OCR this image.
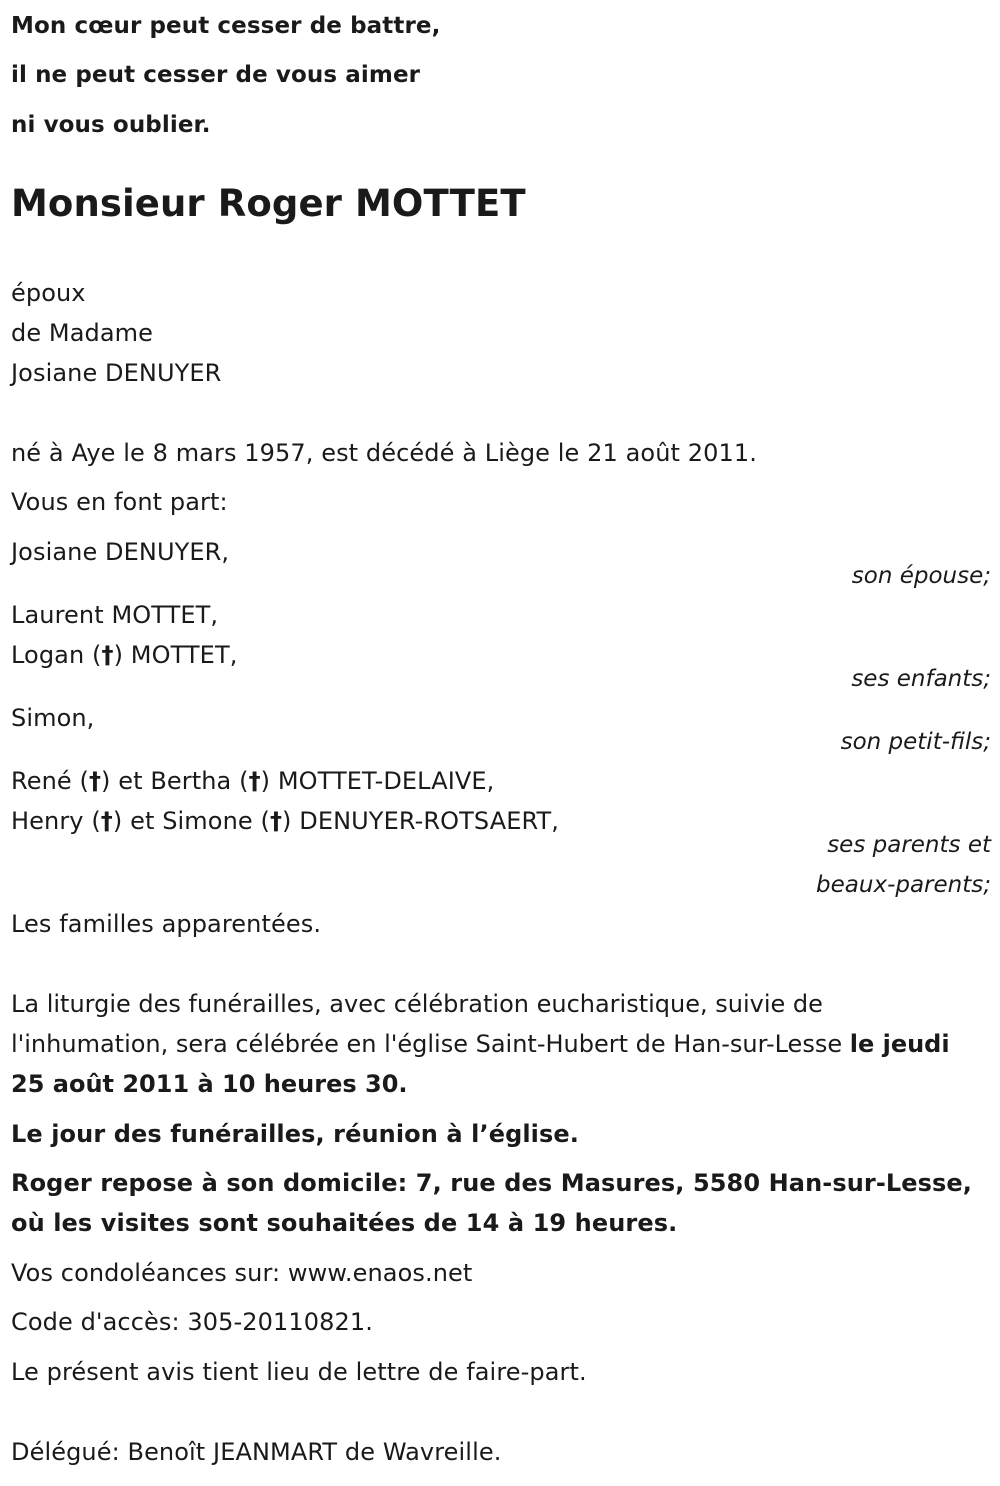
Mon cœur peut cesser de battre,
il ne peut cesser de vous aimer
ni vous oublier.
Monsieur Roger MOTTET
époux
de Madame
Josiane DENUYER
né à Aye le 8 mars 1957, est décédé à Liège le 21 août 2011.
Vous en font part:
Josiane DENUYER,
son épouse;
Laurent MOTTET,
Logan (†) MOTTET,
ses enfants;
Simon,
son petit-fils;
René (†) et Bertha (†) MOTTET-DELAIVE,
Henry (†) et Simone (†) DENUYER-ROTSAERT,
ses parents et
beaux-parents;
Les familles apparentées.
La liturgie des funérailles, avec célébration eucharistique, suivie de l'inhumation, sera célébrée en l'église Saint-Hubert de Han-sur-Lesse le jeudi 25 août 2011 à 10 heures 30.
Le jour des funérailles, réunion à l’église.
Roger repose à son domicile: 7, rue des Masures, 5580 Han-sur-Lesse,
où les visites sont souhaitées de 14 à 19 heures.
Vos condoléances sur: www.enaos.net
Code d'accès: 305-20110821.
Le présent avis tient lieu de lettre de faire-part.
Délégué: Benoît JEANMART de Wavreille.
